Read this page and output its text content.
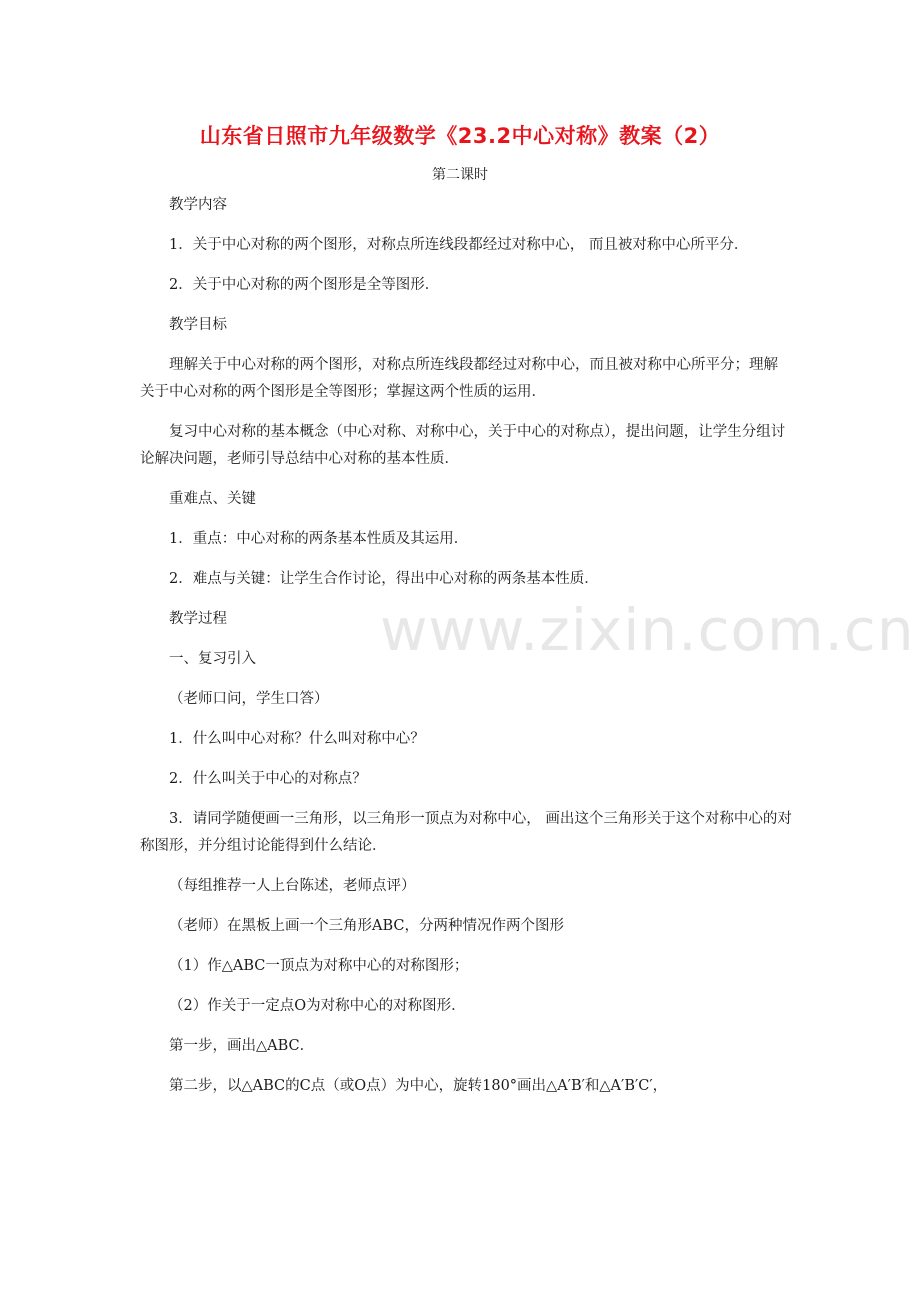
山东省日照市九年级数学《23.2中心对称》教案（2）
第二课时

教学内容

1．关于中心对称的两个图形，对称点所连线段都经过对称中心， 而且被对称中心所平分．

2．关于中心对称的两个图形是全等图形．

教学目标

理解关于中心对称的两个图形，对称点所连线段都经过对称中心，而且被对称中心所平分；理解关于中心对称的两个图形是全等图形；掌握这两个性质的运用．

复习中心对称的基本概念（中心对称、对称中心，关于中心的对称点），提出问题，让学生分组讨论解决问题，老师引导总结中心对称的基本性质．

重难点、关键

1．重点：中心对称的两条基本性质及其运用．

2．难点与关键：让学生合作讨论，得出中心对称的两条基本性质．

教学过程

一、复习引入

（老师口问，学生口答）

1．什么叫中心对称？什么叫对称中心？

2．什么叫关于中心的对称点？

3．请同学随便画一三角形，以三角形一顶点为对称中心， 画出这个三角形关于这个对称中心的对称图形，并分组讨论能得到什么结论．

（每组推荐一人上台陈述，老师点评）

（老师）在黑板上画一个三角形ABC，分两种情况作两个图形

（1）作△ABC一顶点为对称中心的对称图形；

（2）作关于一定点O为对称中心的对称图形．

第一步，画出△ABC．

第二步，以△ABC的C点（或O点）为中心，旋转180°画出△A′B′和△A′B′C′，

www.zixin.com.cn
